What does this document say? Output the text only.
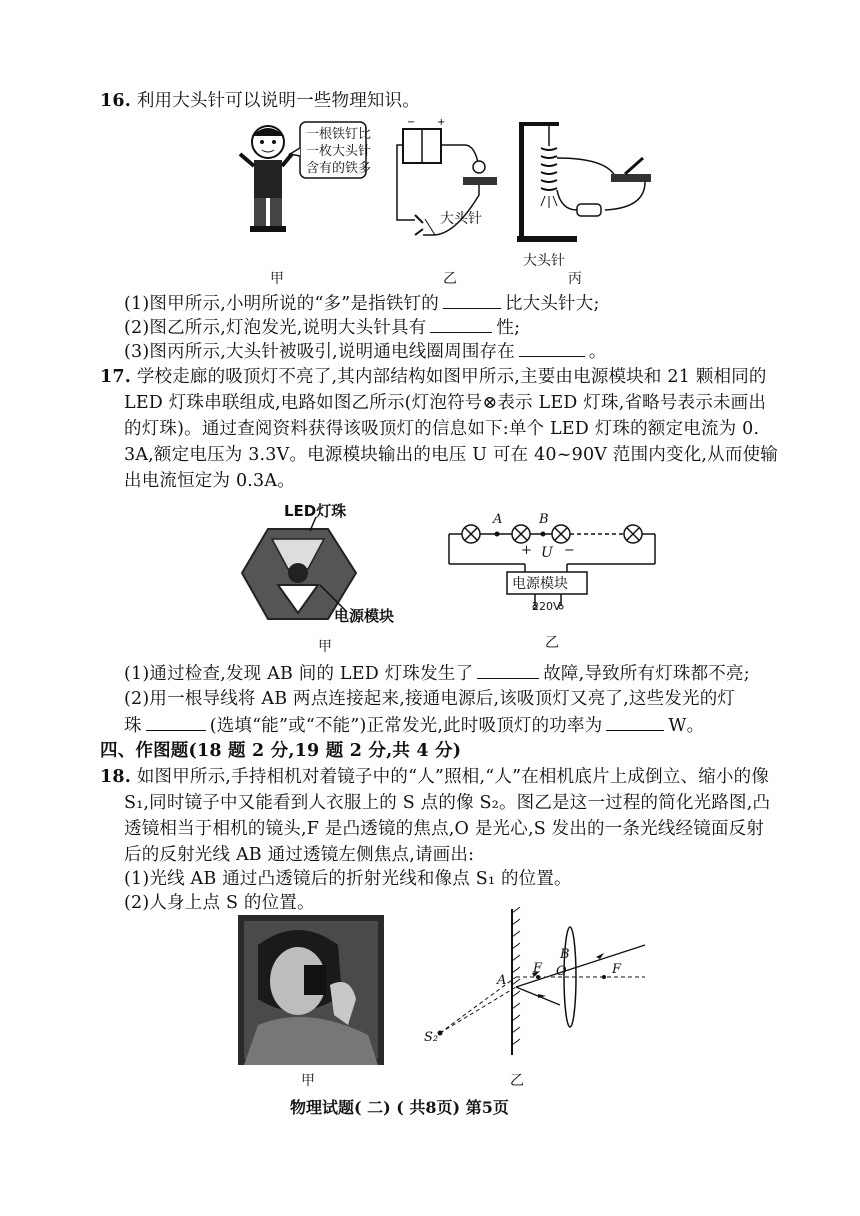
16. 利用大头针可以说明一些物理知识。
一根铁钉比
一枚大头针
含有的铁多
− +
大头针
大头针
甲	乙	丙
(1)图甲所示,小明所说的“多”是指铁钉的	比大头针大;
(2)图乙所示,灯泡发光,说明大头针具有	性;
(3)图丙所示,大头针被吸引,说明通电线圈周围存在	。
17. 学校走廊的吸顶灯不亮了,其内部结构如图甲所示,主要由电源模块和 21 颗相同的
LED 灯珠串联组成,电路如图乙所示(灯泡符号⊗表示 LED 灯珠,省略号表示未画出
的灯珠)。通过查阅资料获得该吸顶灯的信息如下:单个 LED 灯珠的额定电流为 0.
3A,额定电压为 3.3V。电源模块输出的电压 U 可在 40~90V 范围内变化,从而使输
出电流恒定为 0.3A。
LED灯珠
电源模块
A	B
+ U −
电源模块
220V
甲	乙
(1)通过检查,发现 AB 间的 LED 灯珠发生了	故障,导致所有灯珠都不亮;
(2)用一根导线将 AB 两点连接起来,接通电源后,该吸顶灯又亮了,这些发光的灯
珠	(选填“能”或“不能”)正常发光,此时吸顶灯的功率为	W。
四、作图题(18 题 2 分,19 题 2 分,共 4 分)
18. 如图甲所示,手持相机对着镜子中的“人”照相,“人”在相机底片上成倒立、缩小的像
S₁,同时镜子中又能看到人衣服上的 S 点的像 S₂。图乙是这一过程的简化光路图,凸
透镜相当于相机的镜头,F 是凸透镜的焦点,O 是光心,S 发出的一条光线经镜面反射
后的反射光线 AB 通过透镜左侧焦点,请画出:
(1)光线 AB 通过凸透镜后的折射光线和像点 S₁ 的位置。
(2)人身上点 S 的位置。
A
B
F O	F
S₂
甲	乙
物理试题( 二) ( 共8页) 第5页
